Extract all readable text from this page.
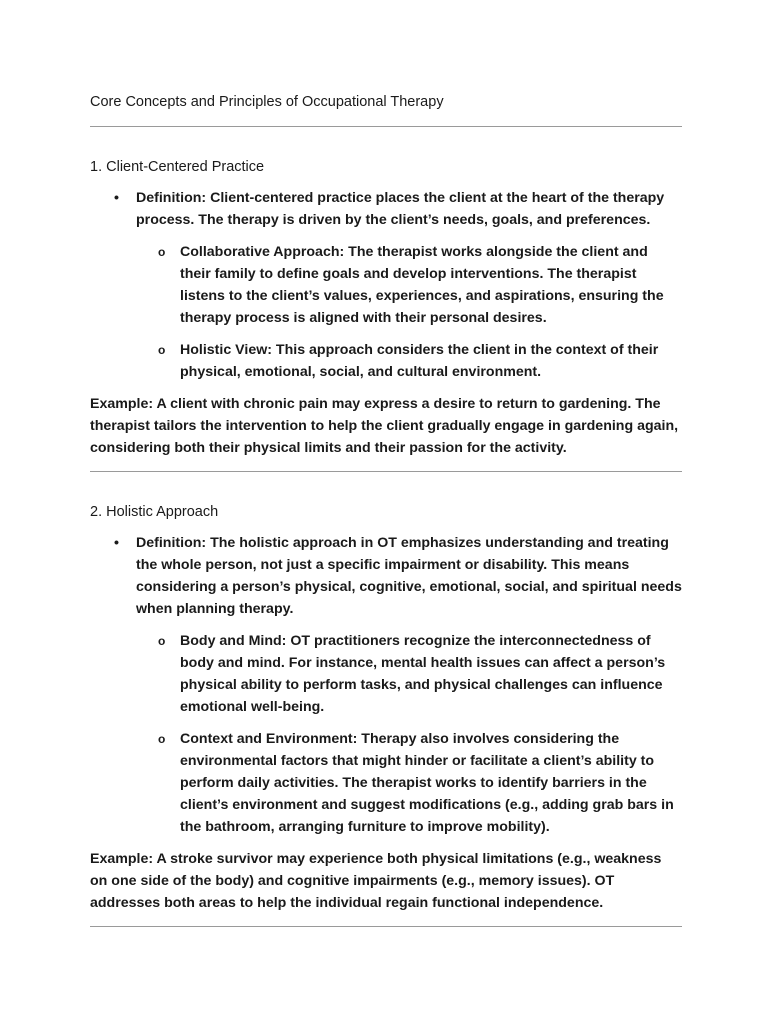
Core Concepts and Principles of Occupational Therapy
1. Client-Centered Practice
• Definition: Client-centered practice places the client at the heart of the therapy process. The therapy is driven by the client’s needs, goals, and preferences.
o Collaborative Approach: The therapist works alongside the client and their family to define goals and develop interventions. The therapist listens to the client’s values, experiences, and aspirations, ensuring the therapy process is aligned with their personal desires.
o Holistic View: This approach considers the client in the context of their physical, emotional, social, and cultural environment.

Example: A client with chronic pain may express a desire to return to gardening. The therapist tailors the intervention to help the client gradually engage in gardening again, considering both their physical limits and their passion for the activity.

2. Holistic Approach
• Definition: The holistic approach in OT emphasizes understanding and treating the whole person, not just a specific impairment or disability. This means considering a person’s physical, cognitive, emotional, social, and spiritual needs when planning therapy.
o Body and Mind: OT practitioners recognize the interconnectedness of body and mind. For instance, mental health issues can affect a person’s physical ability to perform tasks, and physical challenges can influence emotional well-being.
o Context and Environment: Therapy also involves considering the environmental factors that might hinder or facilitate a client’s ability to perform daily activities. The therapist works to identify barriers in the client’s environment and suggest modifications (e.g., adding grab bars in the bathroom, arranging furniture to improve mobility).

Example: A stroke survivor may experience both physical limitations (e.g., weakness on one side of the body) and cognitive impairments (e.g., memory issues). OT addresses both areas to help the individual regain functional independence.
